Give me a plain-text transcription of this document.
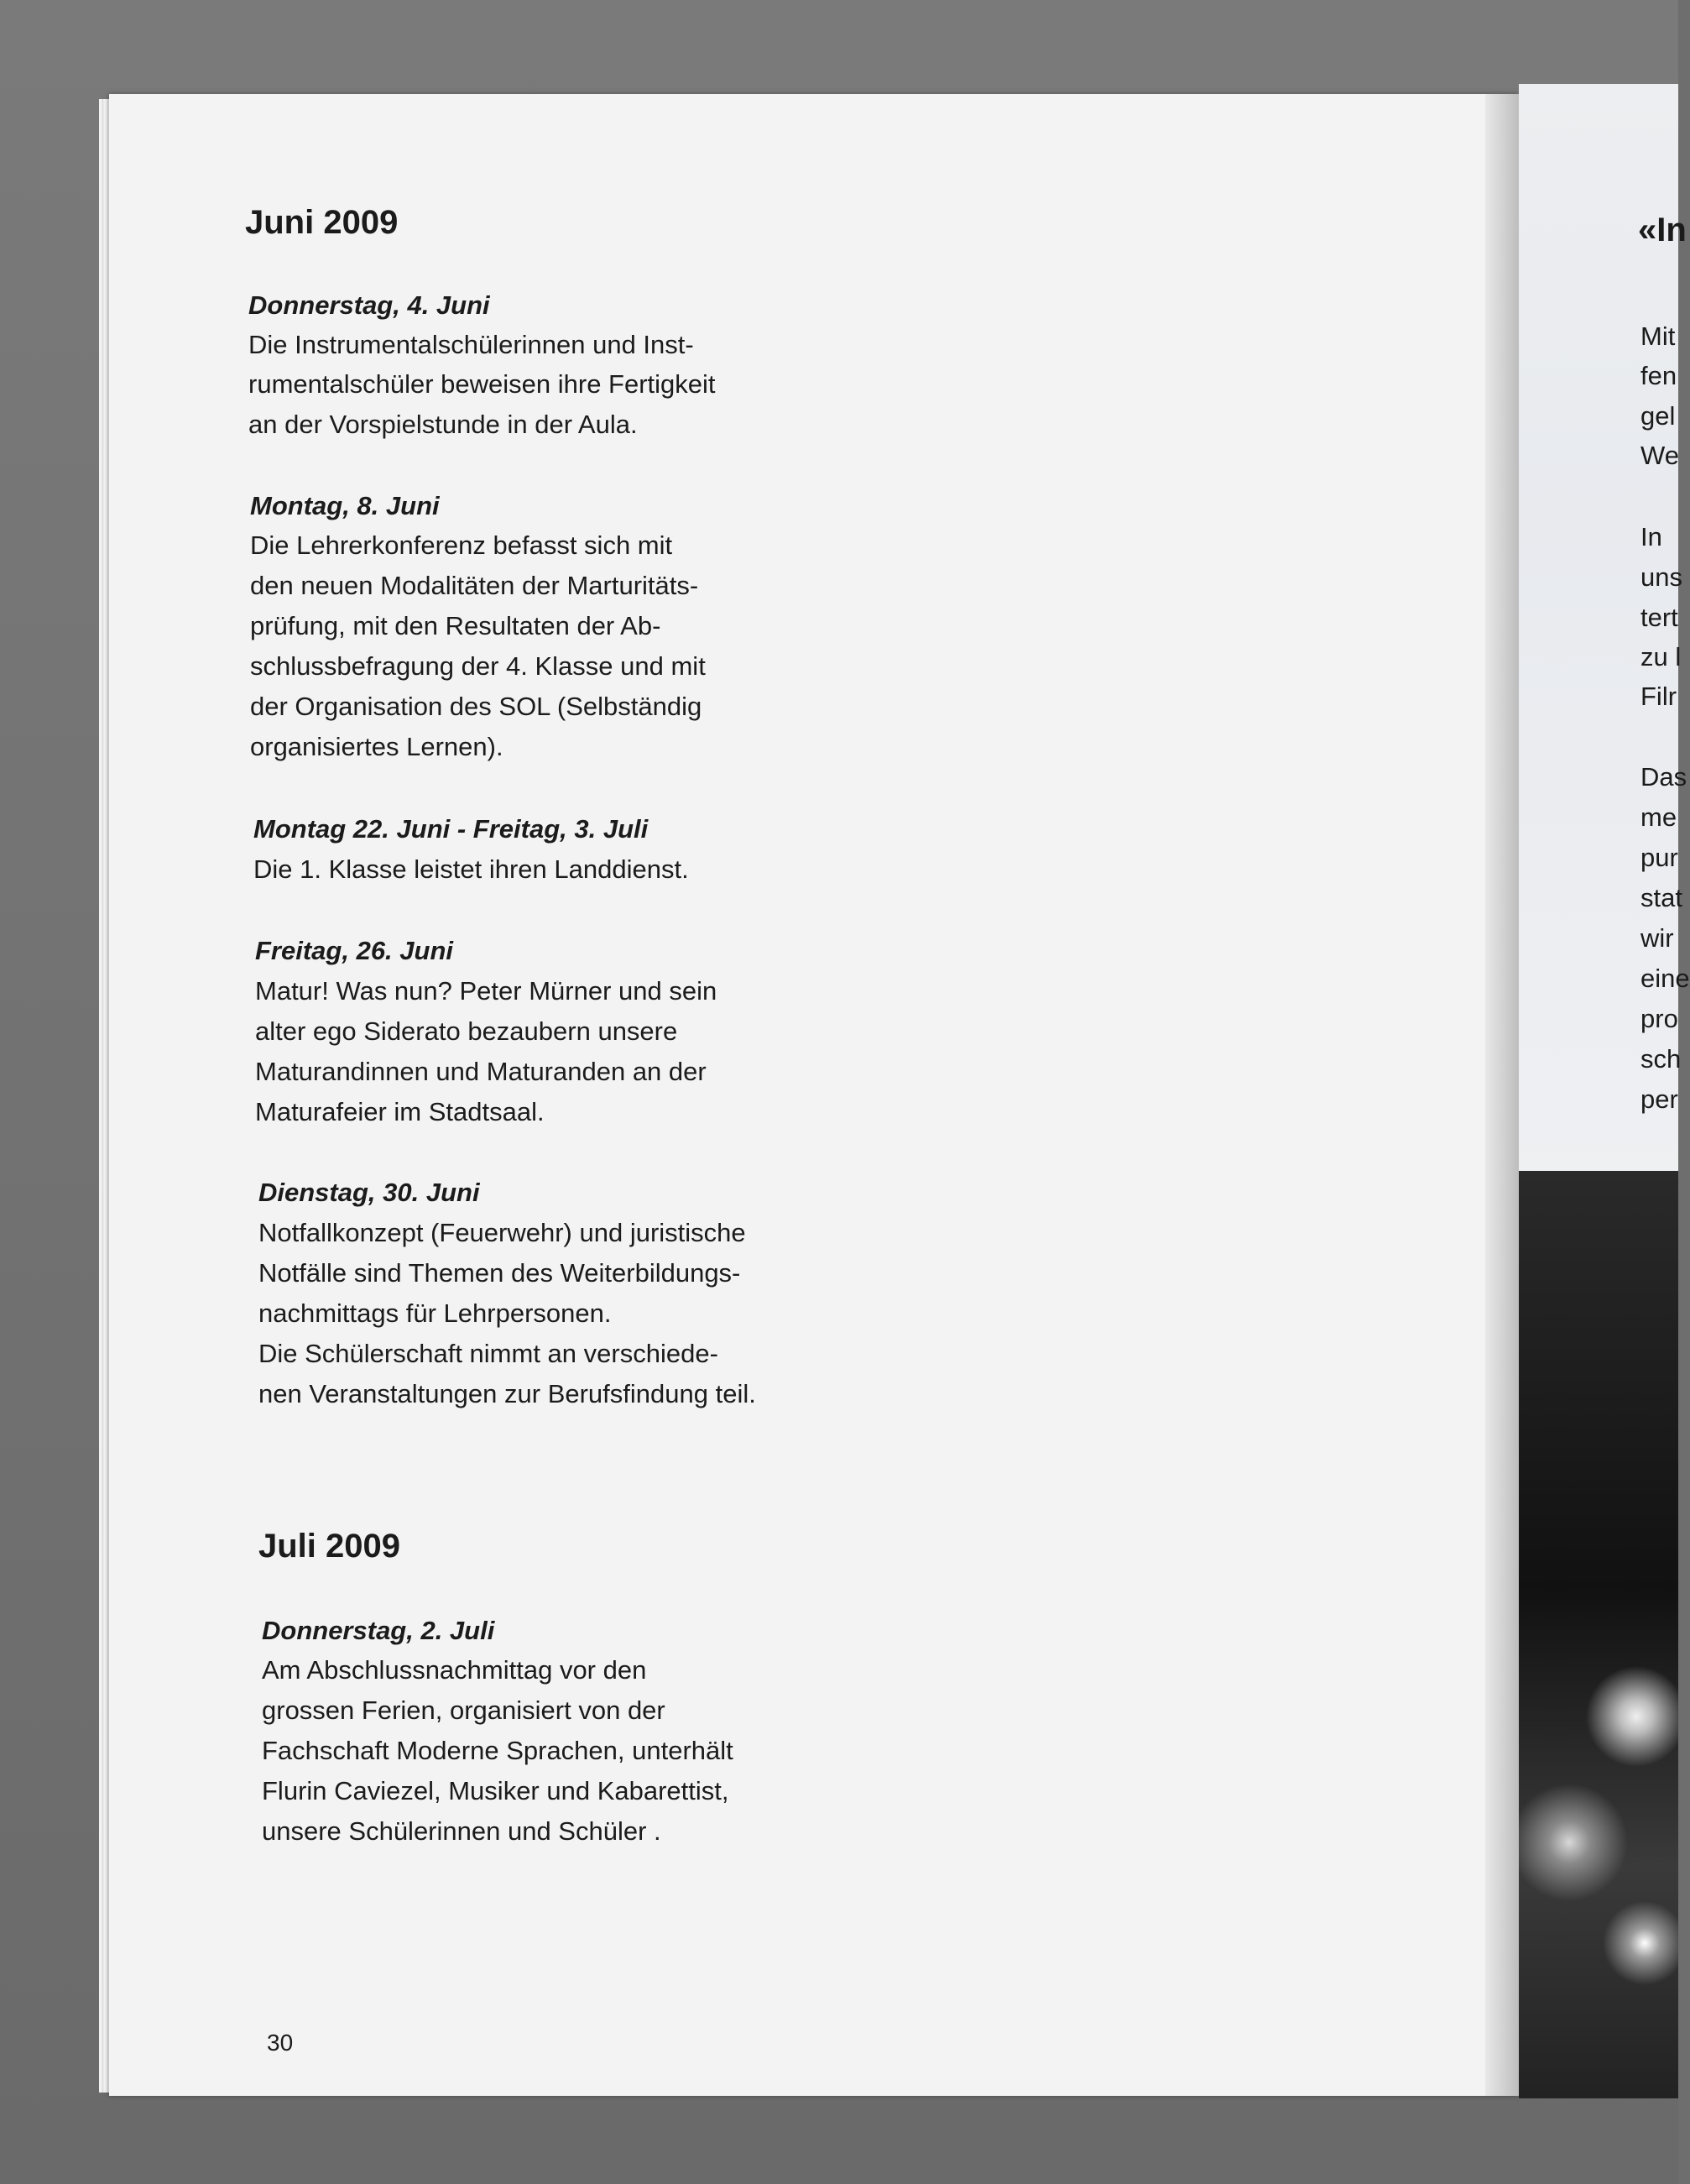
«In
Mit
fen
gel
We
In
uns
tert
zu l
Filr
Das
me
pur
stat
wir
eine
pro
sch
per
Juni 2009
Donnerstag, 4. Juni
Die Instrumentalschülerinnen und Inst-
rumentalschüler beweisen ihre Fertigkeit
an der Vorspielstunde in der Aula.
Montag, 8. Juni
Die Lehrerkonferenz befasst sich mit
den neuen Modalitäten der Marturitäts-
prüfung, mit den Resultaten der Ab-
schlussbefragung der 4. Klasse und mit
der Organisation des SOL (Selbständig
organisiertes Lernen).
Montag 22. Juni - Freitag, 3. Juli
Die 1. Klasse leistet ihren Landdienst.
Freitag, 26. Juni
Matur! Was nun? Peter Mürner und sein
alter ego Siderato bezaubern unsere
Maturandinnen und Maturanden an der
Maturafeier im Stadtsaal.
Dienstag, 30. Juni
Notfallkonzept (Feuerwehr) und juristische
Notfälle sind Themen des Weiterbildungs-
nachmittags für Lehrpersonen.
Die Schülerschaft nimmt an verschiede-
nen Veranstaltungen zur Berufsfindung teil.
Juli 2009
Donnerstag, 2. Juli
Am Abschlussnachmittag vor den
grossen Ferien, organisiert von der
Fachschaft Moderne Sprachen, unterhält
Flurin Caviezel, Musiker und Kabarettist,
unsere Schülerinnen und Schüler .
30
